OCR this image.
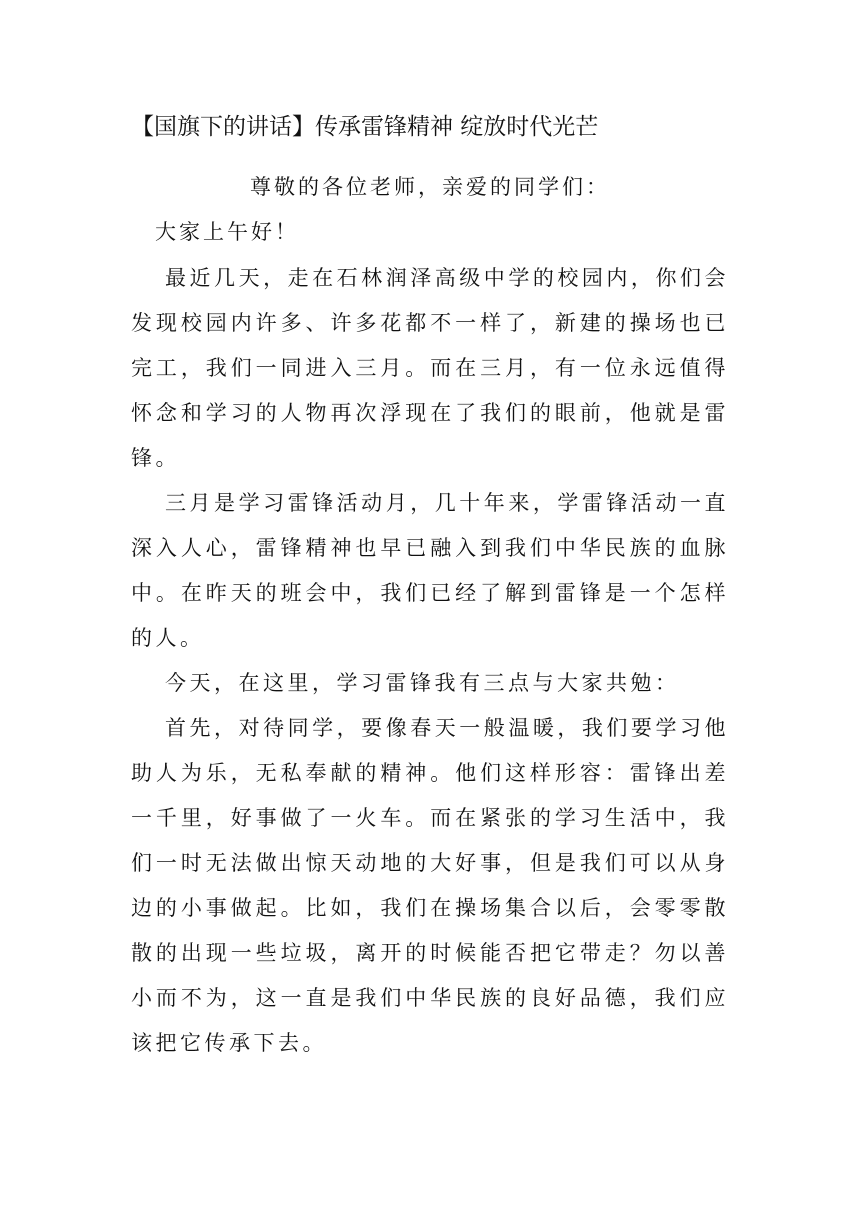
【国旗下的讲话】传承雷锋精神 绽放时代光芒
尊敬的各位老师，亲爱的同学们：
大家上午好！
最近几天，走在石林润泽高级中学的校园内，你们会发现校园内许多、许多花都不一样了，新建的操场也已完工，我们一同进入三月。而在三月，有一位永远值得怀念和学习的人物再次浮现在了我们的眼前，他就是雷锋。
三月是学习雷锋活动月，几十年来，学雷锋活动一直深入人心，雷锋精神也早已融入到我们中华民族的血脉中。在昨天的班会中，我们已经了解到雷锋是一个怎样的人。
今天，在这里，学习雷锋我有三点与大家共勉：
首先，对待同学，要像春天一般温暖，我们要学习他助人为乐，无私奉献的精神。他们这样形容：雷锋出差一千里，好事做了一火车。而在紧张的学习生活中，我们一时无法做出惊天动地的大好事，但是我们可以从身边的小事做起。比如，我们在操场集合以后，会零零散散的出现一些垃圾，离开的时候能否把它带走？勿以善小而不为，这一直是我们中华民族的良好品德，我们应该把它传承下去。
